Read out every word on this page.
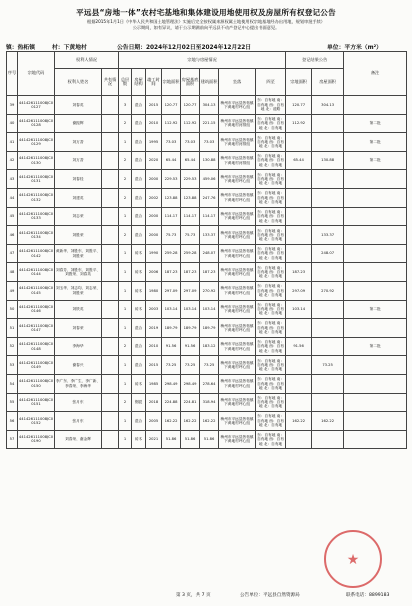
平远县“房地一体”农村宅基地和集体建设用地使用权及房屋所有权登记公告
根据2015年1月1日《中华人民共和国土地管理法》实施后完全按权属来源权属土地使用权宗地基地经办出用地，规划审批手续）
公示期间，如有异议，请于公示期满前向平远县不动产登记中心提出书面意见。
镇：热柘镇	村：下黄地村	公告日期：2024年12月02日至2024年12月22日	单位：平方米（m²）
序号	宗地代码	权利人情况		宗地与房屋情况								登记结果公告		备注
		权利人姓名	共有情况	总层数	房屋结构	竣工时间	宗地面积	房屋基底面积	建筑面积	坐落	四至	宗地面积	房屋面积	
39	441426111008JC00127	刘春英		3	混合	2015	120.77	120.77	304.13	梅州市平远县热柘镇下黄地村坪心组	东：自有地 南：自有地 西：自有地 北：道路	120.77	304.13	
40	441426111008JC00128	谢振辉		2	混合	2010	112.92	112.92	221.15	梅州市平远县热柘镇下黄地村河排组	东：自有地 南：自有地 西：自有地 北：自有地	112.92		第二批
41	441426111008JC00129	刘万香		1	混合	1995	73.03	73.03	73.03	梅州市平远县热柘镇下黄地村河排组	东：自有地 南：自有地 西：自有地 北：自有地			第二批
42	441426111008JC00130	刘万香		2	混合	2020	65.44	65.44	130.88	梅州市平远县热柘镇下黄地村河排组	东：自有地 南：自有地 西：自有地 北：自有地	65.44	130.88	第二批
43	441426111008JC00131	刘春桂		2	混合	2000	229.53	229.53	459.06	梅州市平远县热柘镇下黄地村坪心组	东：自有地 南：自有地 西：自有地 北：自有地			
44	441426111008JC00132	刘建英		2	混合	2002	123.88	123.88	247.76	梅州市平远县热柘镇下黄地村坪心组	东：自有地 南：自有地 西：自有地 北：自有地			
45	441426111008JC00133	刘志荣		1	混合	2000	114.17	114.17	114.17	梅州市平远县热柘镇下黄地村坪心组	东：自有地 南：自有地 西：自有地 北：自有地			
46	441426111008JC00134	刘胜荣		2	混合	2000	75.73	75.73	133.37	梅州市平远县热柘镇下黄地村坪心组	东：自有地 南：自有地 西：自有地 北：自有地		133.37	
47	441426111008JC00142	黄新华、刘胜东、刘胜平、刘胜荣		1	砖木	1990	259.28	259.28	248.07	梅州市平远县热柘镇下黄地村坪心组	东：自有地 南：自有地 西：自有地 北：自有地		248.07	
48	441426111008JC00144	刘春芳、刘胜东、刘胜平、刘胜荣、刘春英		1	砖木	2006	187.23	187.23	187.23	梅州市平远县热柘镇下黄地村坪心组	东：自有地 南：自有地 西：自有地 北：自有地	187.23		
49	441426111008JC00145	刘玉华、刘志均、刘志荣、刘胜荣		1	砖木	1980	297.09	297.09	270.92	梅州市平远县热柘镇下黄地村坪心组	东：自有地 南：自有地 西：自有地 北：自有地	297.09	270.92	
50	441426111008JC00146	刘铁英		1	砖木	2003	103.14	103.14	103.14	梅州市平远县热柘镇下黄地村坪心组	东：自有地 南：自有地 西：自有地 北：自有地	103.14		第二批
51	441426111008JC00147	刘春荣		1	混合	2019	189.79	189.79	189.79	梅州市平远县热柘镇下黄地村坪心组	东：自有地 南：自有地 西：自有地 北：自有地			
52	441426111008JC00148	李海华		2	混合	2010	91.56	91.56	183.12	梅州市平远县热柘镇下黄地村坪心组	东：自有地 南：自有地 西：自有地 北：自有地	91.56		第二批
53	441426111008JC00149	谢春兴		1	混合	2015	73.25	73.25	73.25	梅州市平远县热柘镇下黄地村坪心组	东：自有地 南：自有地 西：自有地 北：自有地		73.25	
54	441426111008JC00150	李广东、李广生、李广新、李春荣、李海华		1	砖木	1985	298.49	298.49	278.64	梅州市平远县热柘镇下黄地村坪心组	东：自有地 南：自有地 西：自有地 北：自有地			
55	441426111008JC00151	张月东		2	钢混	2018	224.88	224.81	318.94	梅州市平远县热柘镇下黄地村坪心组	东：自有地 南：自有地 西：自有地 北：自有地			
56	441426111008JC00152	张月东		1	混合	2005	162.22	162.22	162.22	梅州市平远县热柘镇下黄地村坪心组	东：自有地 南：自有地 西：自有地 北：自有地	162.22	162.22	
57	441426111008JC00190	刘春荣、谢金辉		1	砖木	2021	51.86	51.86	51.86	梅州市平远县热柘镇下黄地村坪心组	东：自有地 南：自有地 西：自有地 北：自有地			
★
第 3 页，共 7 页	公告单位：平远县自然资源局	联系电话：8899183
